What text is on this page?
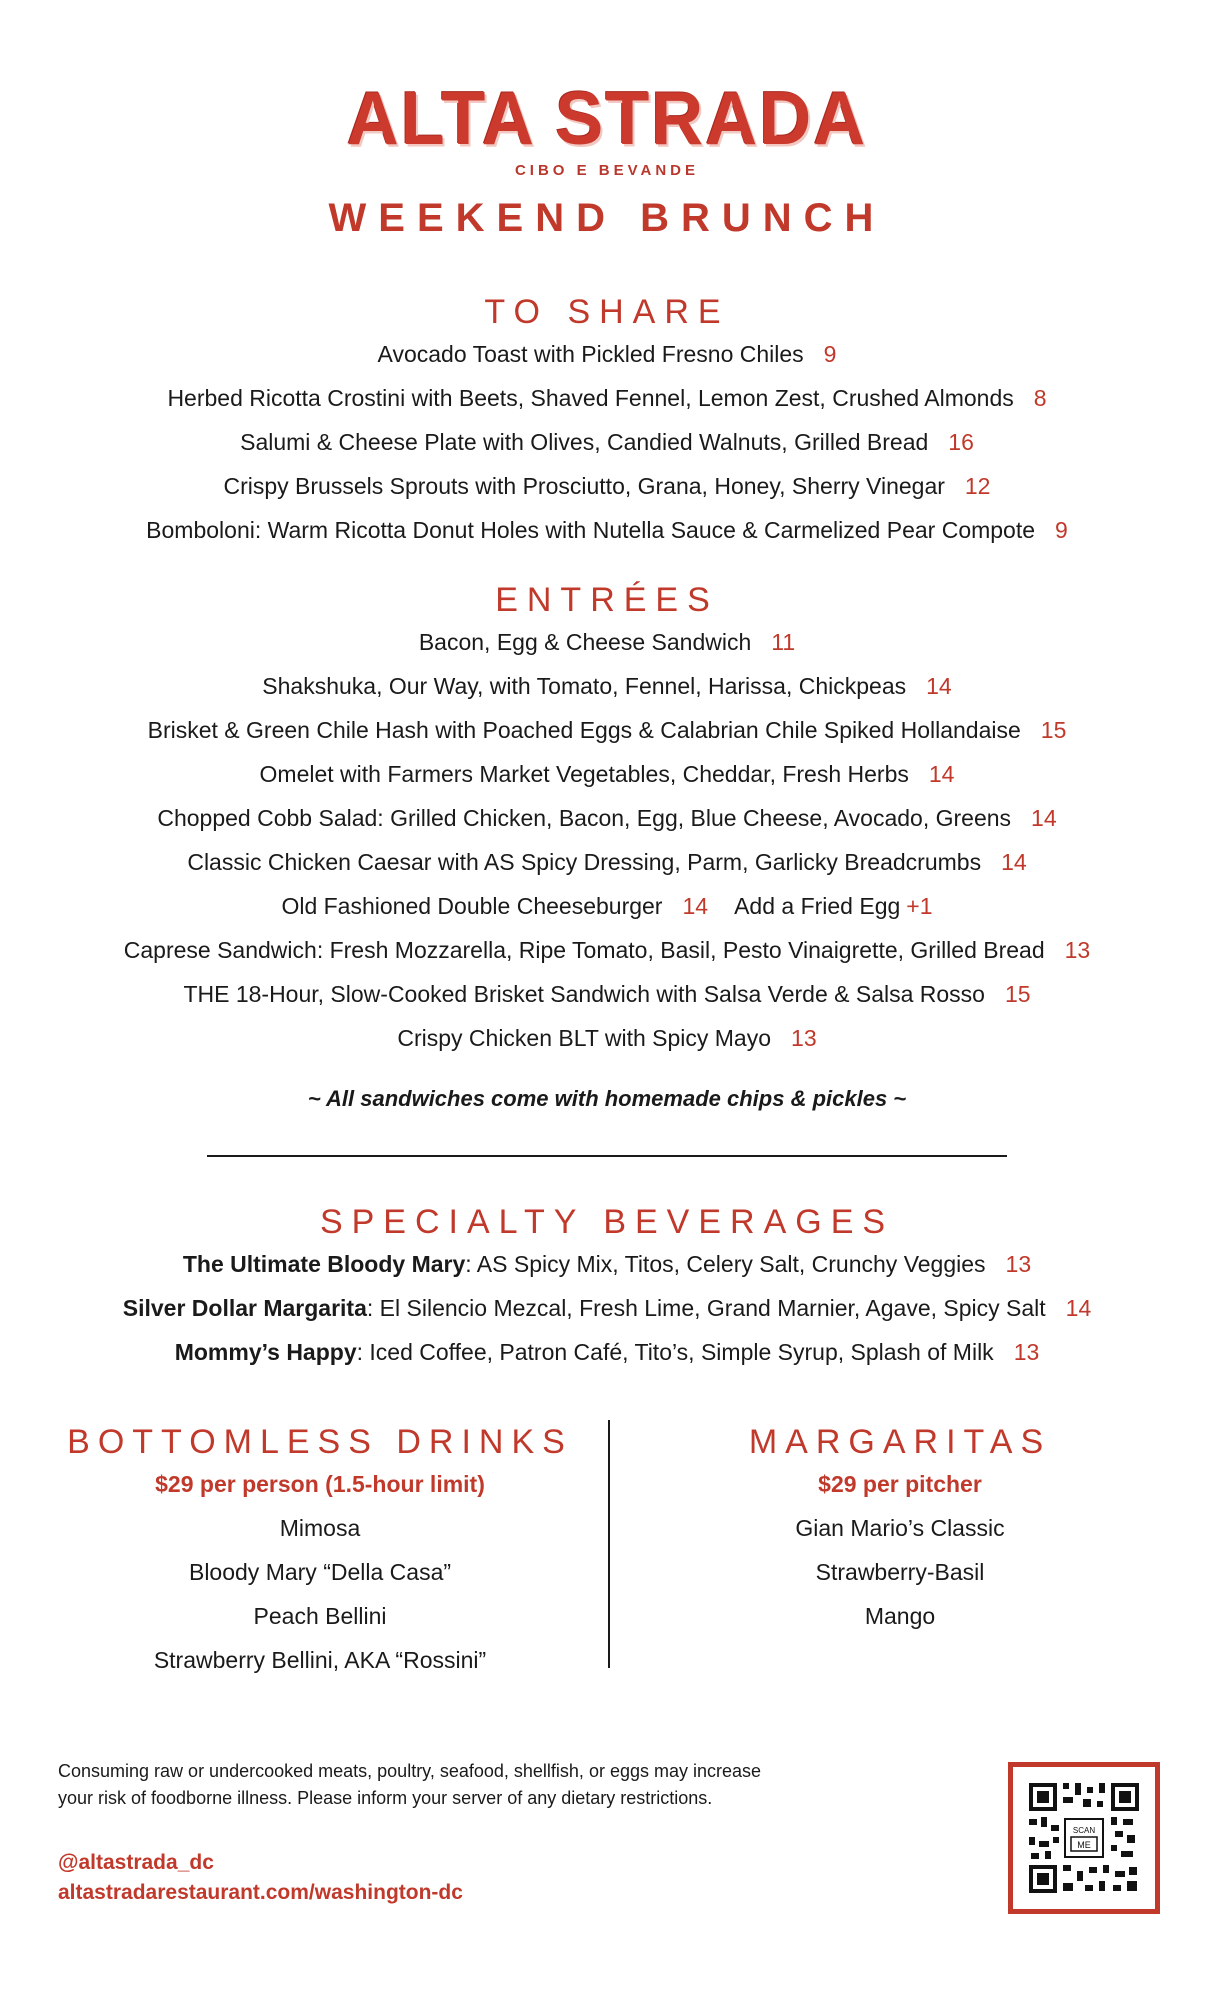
ALTA STRADA
CIBO E BEVANDE
WEEKEND BRUNCH
TO SHARE
Avocado Toast with Pickled Fresno Chiles 9
Herbed Ricotta Crostini with Beets, Shaved Fennel, Lemon Zest, Crushed Almonds 8
Salumi & Cheese Plate with Olives, Candied Walnuts, Grilled Bread 16
Crispy Brussels Sprouts with Prosciutto, Grana, Honey, Sherry Vinegar 12
Bomboloni: Warm Ricotta Donut Holes with Nutella Sauce & Carmelized Pear Compote 9
ENTRÉES
Bacon, Egg & Cheese Sandwich 11
Shakshuka, Our Way, with Tomato, Fennel, Harissa, Chickpeas 14
Brisket & Green Chile Hash with Poached Eggs & Calabrian Chile Spiked Hollandaise 15
Omelet with Farmers Market Vegetables, Cheddar, Fresh Herbs 14
Chopped Cobb Salad: Grilled Chicken, Bacon, Egg, Blue Cheese, Avocado, Greens 14
Classic Chicken Caesar with AS Spicy Dressing, Parm, Garlicky Breadcrumbs 14
Old Fashioned Double Cheeseburger 14 Add a Fried Egg +1
Caprese Sandwich: Fresh Mozzarella, Ripe Tomato, Basil, Pesto Vinaigrette, Grilled Bread 13
THE 18-Hour, Slow-Cooked Brisket Sandwich with Salsa Verde & Salsa Rosso 15
Crispy Chicken BLT with Spicy Mayo 13
~ All sandwiches come with homemade chips & pickles ~
SPECIALTY BEVERAGES
The Ultimate Bloody Mary: AS Spicy Mix, Titos, Celery Salt, Crunchy Veggies 13
Silver Dollar Margarita: El Silencio Mezcal, Fresh Lime, Grand Marnier, Agave, Spicy Salt 14
Mommy’s Happy: Iced Coffee, Patron Café, Tito’s, Simple Syrup, Splash of Milk 13
BOTTOMLESS DRINKS
$29 per person (1.5-hour limit)
Mimosa
Bloody Mary “Della Casa”
Peach Bellini
Strawberry Bellini, AKA “Rossini”
MARGARITAS
$29 per pitcher
Gian Mario’s Classic
Strawberry-Basil
Mango
Consuming raw or undercooked meats, poultry, seafood, shellfish, or eggs may increase
your risk of foodborne illness. Please inform your server of any dietary restrictions.
@altastrada_dc
altastradarestaurant.com/washington-dc
SCAN
ME
